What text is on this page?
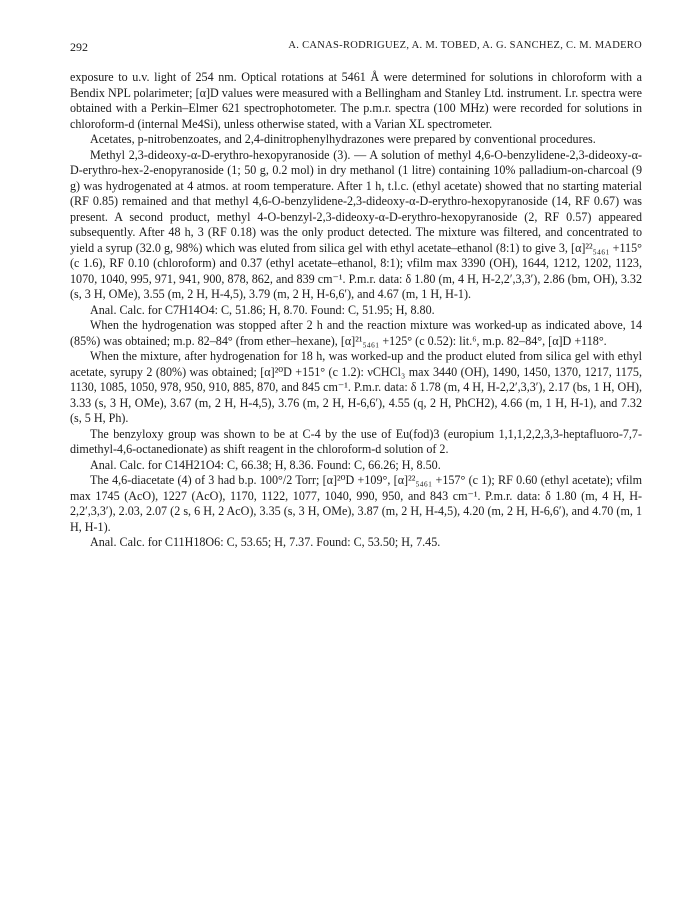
292	A. CANAS-RODRIGUEZ, A. M. TOBED, A. G. SANCHEZ, C. M. MADERO

exposure to u.v. light of 254 nm. Optical rotations at 5461 Å were determined for solutions in chloroform with a Bendix NPL polarimeter; [α]D values were measured with a Bellingham and Stanley Ltd. instrument. I.r. spectra were obtained with a Perkin–Elmer 621 spectrophotometer. The p.m.r. spectra (100 MHz) were recorded for solutions in chloroform-d (internal Me4Si), unless otherwise stated, with a Varian XL spectrometer.

Acetates, p-nitrobenzoates, and 2,4-dinitrophenylhydrazones were prepared by conventional procedures.

Methyl 2,3-dideoxy-α-D-erythro-hexopyranoside (3). — A solution of methyl 4,6-O-benzylidene-2,3-dideoxy-α-D-erythro-hex-2-enopyranoside (1; 50 g, 0.2 mol) in dry methanol (1 litre) containing 10% palladium-on-charcoal (9 g) was hydrogenated at 4 atmos. at room temperature. After 1 h, t.l.c. (ethyl acetate) showed that no starting material (RF 0.85) remained and that methyl 4,6-O-benzylidene-2,3-dideoxy-α-D-erythro-hexopyranoside (14, RF 0.67) was present. A second product, methyl 4-O-benzyl-2,3-dideoxy-α-D-erythro-hexopyranoside (2, RF 0.57) appeared subsequently. After 48 h, 3 (RF 0.18) was the only product detected. The mixture was filtered, and concentrated to yield a syrup (32.0 g, 98%) which was eluted from silica gel with ethyl acetate–ethanol (8:1) to give 3, [α]²²₅₄₆₁ +115° (c 1.6), RF 0.10 (chloroform) and 0.37 (ethyl acetate–ethanol, 8:1); νfilm max 3390 (OH), 1644, 1212, 1202, 1123, 1070, 1040, 995, 971, 941, 900, 878, 862, and 839 cm⁻¹. P.m.r. data: δ 1.80 (m, 4 H, H-2,2′,3,3′), 2.86 (bm, OH), 3.32 (s, 3 H, OMe), 3.55 (m, 2 H, H-4,5), 3.79 (m, 2 H, H-6,6′), and 4.67 (m, 1 H, H-1).

Anal. Calc. for C7H14O4: C, 51.86; H, 8.70. Found: C, 51.95; H, 8.80.

When the hydrogenation was stopped after 2 h and the reaction mixture was worked-up as indicated above, 14 (85%) was obtained; m.p. 82–84° (from ether–hexane), [α]²¹₅₄₆₁ +125° (c 0.52): lit.⁶, m.p. 82–84°, [α]D +118°.

When the mixture, after hydrogenation for 18 h, was worked-up and the product eluted from silica gel with ethyl acetate, syrupy 2 (80%) was obtained; [α]²⁰D +151° (c 1.2): νCHCl₃ max 3440 (OH), 1490, 1450, 1370, 1217, 1175, 1130, 1085, 1050, 978, 950, 910, 885, 870, and 845 cm⁻¹. P.m.r. data: δ 1.78 (m, 4 H, H-2,2′,3,3′), 2.17 (bs, 1 H, OH), 3.33 (s, 3 H, OMe), 3.67 (m, 2 H, H-4,5), 3.76 (m, 2 H, H-6,6′), 4.55 (q, 2 H, PhCH2), 4.66 (m, 1 H, H-1), and 7.32 (s, 5 H, Ph).

The benzyloxy group was shown to be at C-4 by the use of Eu(fod)3 (europium 1,1,1,2,2,3,3-heptafluoro-7,7-dimethyl-4,6-octanedionate) as shift reagent in the chloroform-d solution of 2.

Anal. Calc. for C14H21O4: C, 66.38; H, 8.36. Found: C, 66.26; H, 8.50.

The 4,6-diacetate (4) of 3 had b.p. 100°/2 Torr; [α]²⁰D +109°, [α]²²₅₄₆₁ +157° (c 1); RF 0.60 (ethyl acetate); νfilm max 1745 (AcO), 1227 (AcO), 1170, 1122, 1077, 1040, 990, 950, and 843 cm⁻¹. P.m.r. data: δ 1.80 (m, 4 H, H-2,2′,3,3′), 2.03, 2.07 (2 s, 6 H, 2 AcO), 3.35 (s, 3 H, OMe), 3.87 (m, 2 H, H-4,5), 4.20 (m, 2 H, H-6,6′), and 4.70 (m, 1 H, H-1).

Anal. Calc. for C11H18O6: C, 53.65; H, 7.37. Found: C, 53.50; H, 7.45.
